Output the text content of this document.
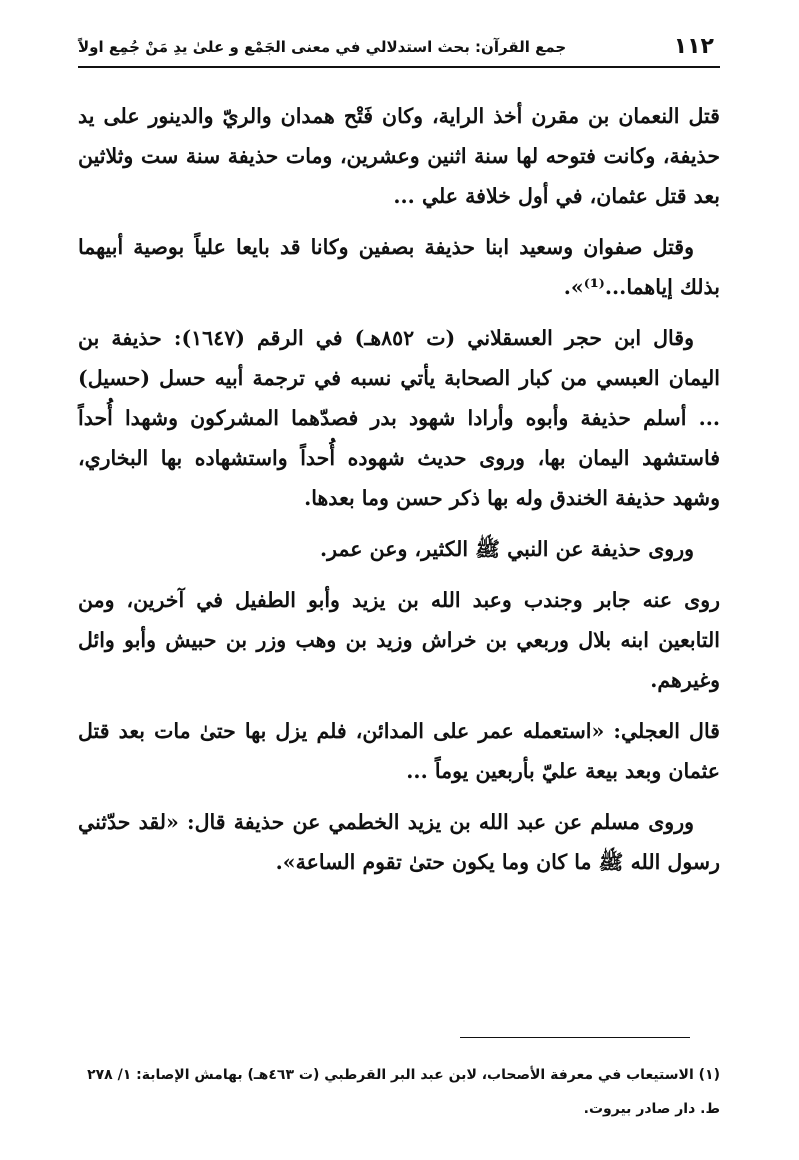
١١٢
جمع القرآن: بحث استدلالي في معنى الجَمْع و علىٰ يدِ مَنْ جُمِع اولاً

قتل النعمان بن مقرن أخذ الراية، وكان فَتْح همدان والريّ والدينور على يد حذيفة، وكانت فتوحه لها سنة اثنين وعشرين، ومات حذيفة سنة ست وثلاثين بعد قتل عثمان، في أول خلافة علي ...

وقتل صفوان وسعيد ابنا حذيفة بصفين وكانا قد بايعا علياً بوصية أبيهما بذلك إياهما...⁽¹⁾».

وقال ابن حجر العسقلاني (ت ٨٥٢هـ) في الرقم (١٦٤٧): حذيفة بن اليمان العبسي من كبار الصحابة يأتي نسبه في ترجمة أبيه حسل (حسيل) ... أسلم حذيفة وأبوه وأرادا شهود بدر فصدّهما المشركون وشهدا أُحداً فاستشهد اليمان بها، وروى حديث شهوده أُحداً واستشهاده بها البخاري، وشهد حذيفة الخندق وله بها ذكر حسن وما بعدها.

وروى حذيفة عن النبي ﷺ الكثير، وعن عمر.

روى عنه جابر وجندب وعبد الله بن يزيد وأبو الطفيل في آخرين، ومن التابعين ابنه بلال وربعي بن خراش وزيد بن وهب وزر بن حبيش وأبو وائل وغيرهم.

قال العجلي: «استعمله عمر على المدائن، فلم يزل بها حتىٰ مات بعد قتل عثمان وبعد بيعة عليّ بأربعين يوماً ...

وروى مسلم عن عبد الله بن يزيد الخطمي عن حذيفة قال: «لقد حدّثني رسول الله ﷺ ما كان وما يكون حتىٰ تقوم الساعة».

(١) الاستيعاب في معرفة الأصحاب، لابن عبد البر القرطبي (ت ٤٦٣هـ) بهامش الإصابة: ١/ ٢٧٨ ط. دار صادر بيروت.
